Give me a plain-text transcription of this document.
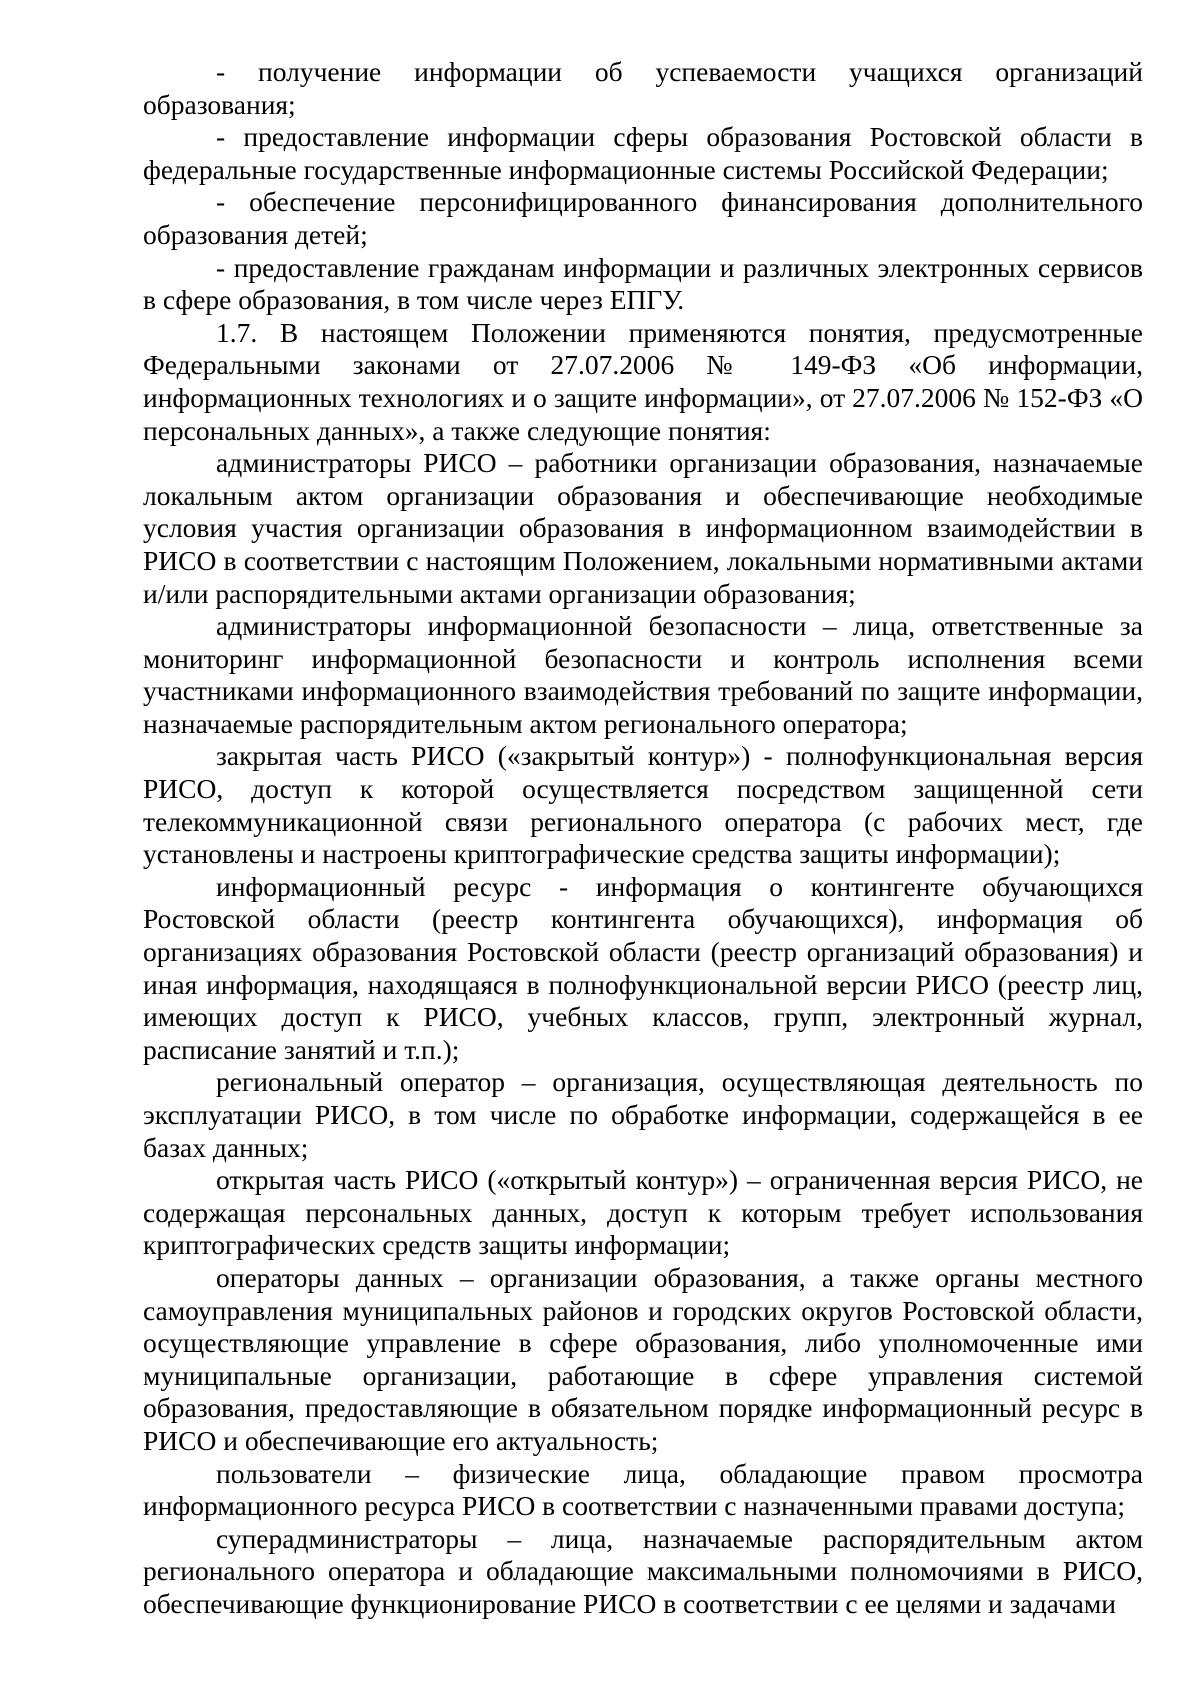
- получение информации об успеваемости учащихся организаций образования;

- предоставление информации сферы образования Ростовской области в федеральные государственные информационные системы Российской Федерации;

- обеспечение персонифицированного финансирования дополнительного образования детей;

- предоставление гражданам информации и различных электронных сервисов в сфере образования, в том числе через ЕПГУ.

1.7. В настоящем Положении применяются понятия, предусмотренные Федеральными законами от 27.07.2006 № 149-ФЗ «Об информации, информационных технологиях и о защите информации», от 27.07.2006 № 152-ФЗ «О персональных данных», а также следующие понятия:

администраторы РИСО – работники организации образования, назначаемые локальным актом организации образования и обеспечивающие необходимые условия участия организации образования в информационном взаимодействии в РИСО в соответствии с настоящим Положением, локальными нормативными актами и/или распорядительными актами организации образования;

администраторы информационной безопасности – лица, ответственные за мониторинг информационной безопасности и контроль исполнения всеми участниками информационного взаимодействия требований по защите информации, назначаемые распорядительным актом регионального оператора;

закрытая часть РИСО («закрытый контур») - полнофункциональная версия РИСО, доступ к которой осуществляется посредством защищенной сети телекоммуникационной связи регионального оператора (с рабочих мест, где установлены и настроены криптографические средства защиты информации);

информационный ресурс - информация о контингенте обучающихся Ростовской области (реестр контингента обучающихся), информация об организациях образования Ростовской области (реестр организаций образования) и иная информация, находящаяся в полнофункциональной версии РИСО (реестр лиц, имеющих доступ к РИСО, учебных классов, групп, электронный журнал, расписание занятий и т.п.);

региональный оператор – организация, осуществляющая деятельность по эксплуатации РИСО, в том числе по обработке информации, содержащейся в ее базах данных;

открытая часть РИСО («открытый контур») – ограниченная версия РИСО, не содержащая персональных данных, доступ к которым требует использования криптографических средств защиты информации;

операторы данных – организации образования, а также органы местного самоуправления муниципальных районов и городских округов Ростовской области, осуществляющие управление в сфере образования, либо уполномоченные ими муниципальные организации, работающие в сфере управления системой образования, предоставляющие в обязательном порядке информационный ресурс в РИСО и обеспечивающие его актуальность;

пользователи – физические лица, обладающие правом просмотра информационного ресурса РИСО в соответствии с назначенными правами доступа;

суперадминистраторы – лица, назначаемые распорядительным актом регионального оператора и обладающие максимальными полномочиями в РИСО, обеспечивающие функционирование РИСО в соответствии с ее целями и задачами
